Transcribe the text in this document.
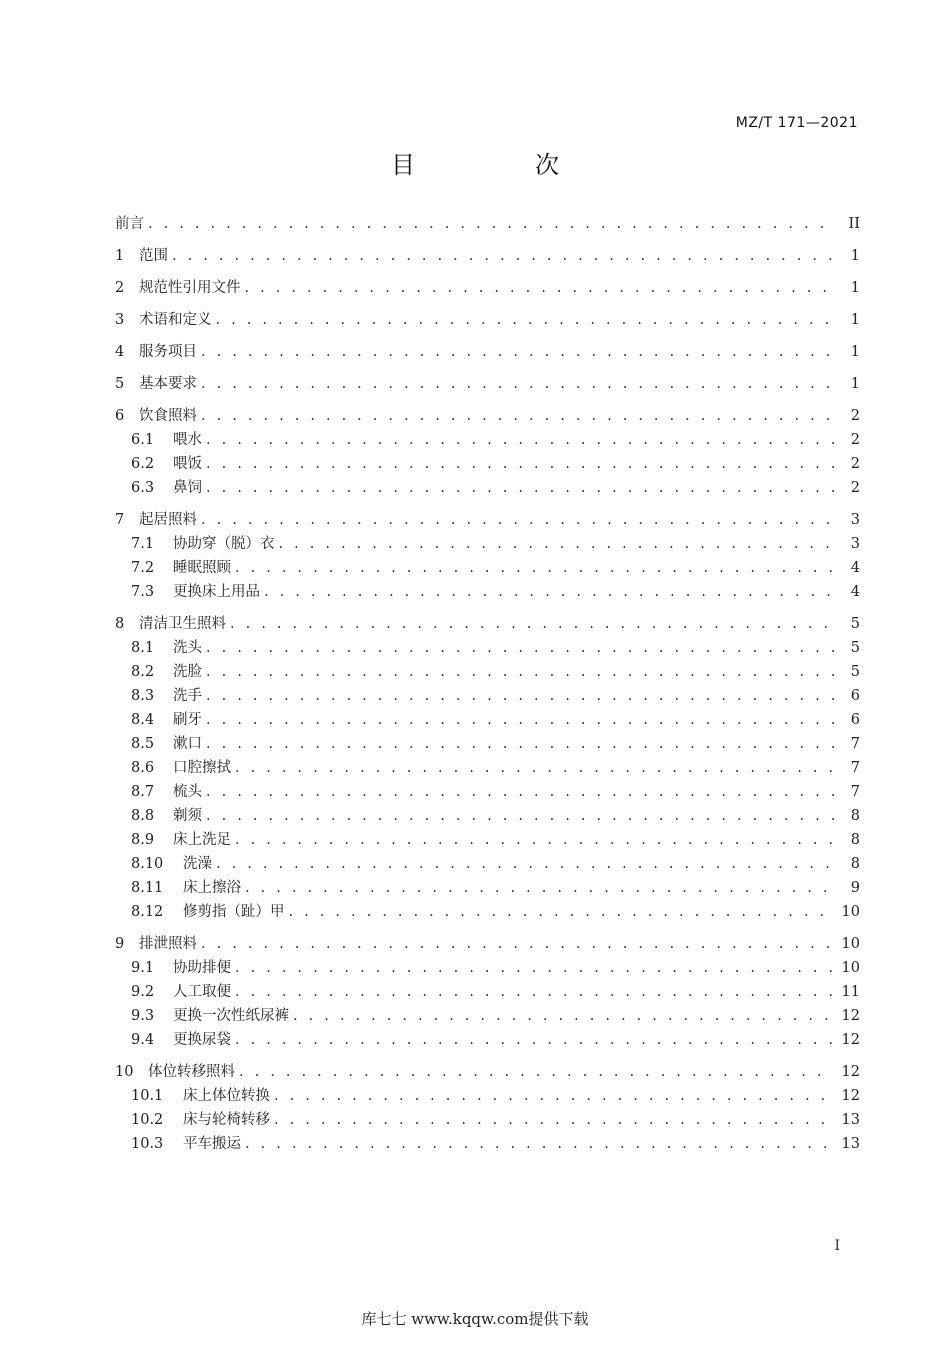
MZ/T 171—2021
目　次
前言 . . .	II
1	范围 . . .	1
2	规范性引用文件 . . .	1
3	术语和定义 . . .	1
4	服务项目 . . .	1
5	基本要求 . . .	1
6	饮食照料 . . .	2
6.1	喂水 . . .	2
6.2	喂饭 . . .	2
6.3	鼻饲 . . .	2
7	起居照料 . . .	3
7.1	协助穿（脱）衣 . . .	3
7.2	睡眠照顾 . . .	4
7.3	更换床上用品 . . .	4
8	清洁卫生照料 . . .	5
8.1	洗头 . . .	5
8.2	洗脸 . . .	5
8.3	洗手 . . .	6
8.4	刷牙 . . .	6
8.5	漱口 . . .	7
8.6	口腔擦拭 . . .	7
8.7	梳头 . . .	7
8.8	剃须 . . .	8
8.9	床上洗足 . . .	8
8.10	洗澡 . . .	8
8.11	床上擦浴 . . .	9
8.12	修剪指（趾）甲 . . .	10
9	排泄照料 . . .	10
9.1	协助排便 . . .	10
9.2	人工取便 . . .	11
9.3	更换一次性纸尿裤 . . .	12
9.4	更换尿袋 . . .	12
10	体位转移照料 . . .	12
10.1	床上体位转换 . . .	12
10.2	床与轮椅转移 . . .	13
10.3	平车搬运 . . .	13
I
库七七 www.kqqw.com提供下载
